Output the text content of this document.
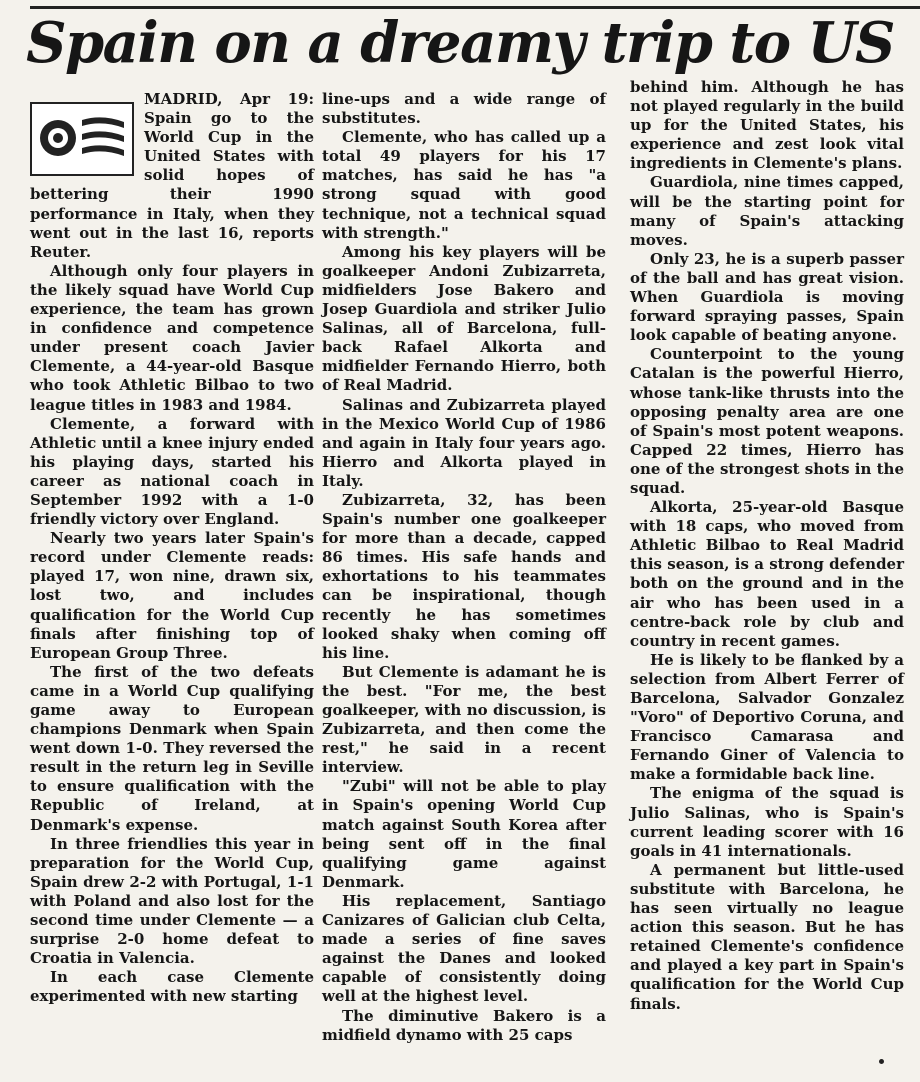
Spain on a dreamy trip to US

MADRID, Apr 19: Spain go to the World Cup in the United States with solid hopes of bettering their 1990 performance in Italy, when they went out in the last 16, reports Reuter.

Although only four players in the likely squad have World Cup experience, the team has grown in confidence and competence under present coach Javier Clemente, a 44-year-old Basque who took Athletic Bilbao to two league titles in 1983 and 1984.

Clemente, a forward with Athletic until a knee injury ended his playing days, started his career as national coach in September 1992 with a 1-0 friendly victory over England.

Nearly two years later Spain's record under Clemente reads: played 17, won nine, drawn six, lost two, and includes qualification for the World Cup finals after finishing top of European Group Three.

The first of the two defeats came in a World Cup qualifying game away to European champions Denmark when Spain went down 1-0. They reversed the result in the return leg in Seville to ensure qualification with the Republic of Ireland, at Denmark's expense.

In three friendlies this year in preparation for the World Cup, Spain drew 2-2 with Portugal, 1-1 with Poland and also lost for the second time under Clemente — a surprise 2-0 home defeat to Croatia in Valencia.

In each case Clemente experimented with new starting

line-ups and a wide range of substitutes.

Clemente, who has called up a total 49 players for his 17 matches, has said he has "a strong squad with good technique, not a technical squad with strength."

Among his key players will be goalkeeper Andoni Zubizarreta, midfielders Jose Bakero and Josep Guardiola and striker Julio Salinas, all of Barcelona, full-back Rafael Alkorta and midfielder Fernando Hierro, both of Real Madrid.

Salinas and Zubizarreta played in the Mexico World Cup of 1986 and again in Italy four years ago. Hierro and Alkorta played in Italy.

Zubizarreta, 32, has been Spain's number one goalkeeper for more than a decade, capped 86 times. His safe hands and exhortations to his teammates can be inspirational, though recently he has sometimes looked shaky when coming off his line.

But Clemente is adamant he is the best. "For me, the best goalkeeper, with no discussion, is Zubizarreta, and then come the rest," he said in a recent interview.

"Zubi" will not be able to play in Spain's opening World Cup match against South Korea after being sent off in the final qualifying game against Denmark.

His replacement, Santiago Canizares of Galician club Celta, made a series of fine saves against the Danes and looked capable of consistently doing well at the highest level.

The diminutive Bakero is a midfield dynamo with 25 caps

behind him. Although he has not played regularly in the build up for the United States, his experience and zest look vital ingredients in Clemente's plans.

Guardiola, nine times capped, will be the starting point for many of Spain's attacking moves.

Only 23, he is a superb passer of the ball and has great vision. When Guardiola is moving forward spraying passes, Spain look capable of beating anyone.

Counterpoint to the young Catalan is the powerful Hierro, whose tank-like thrusts into the opposing penalty area are one of Spain's most potent weapons. Capped 22 times, Hierro has one of the strongest shots in the squad.

Alkorta, 25-year-old Basque with 18 caps, who moved from Athletic Bilbao to Real Madrid this season, is a strong defender both on the ground and in the air who has been used in a centre-back role by club and country in recent games.

He is likely to be flanked by a selection from Albert Ferrer of Barcelona, Salvador Gonzalez "Voro" of Deportivo Coruna, and Francisco Camarasa and Fernando Giner of Valencia to make a formidable back line.

The enigma of the squad is Julio Salinas, who is Spain's current leading scorer with 16 goals in 41 internationals.

A permanent but little-used substitute with Barcelona, he has seen virtually no league action this season. But he has retained Clemente's confidence and played a key part in Spain's qualification for the World Cup finals.
